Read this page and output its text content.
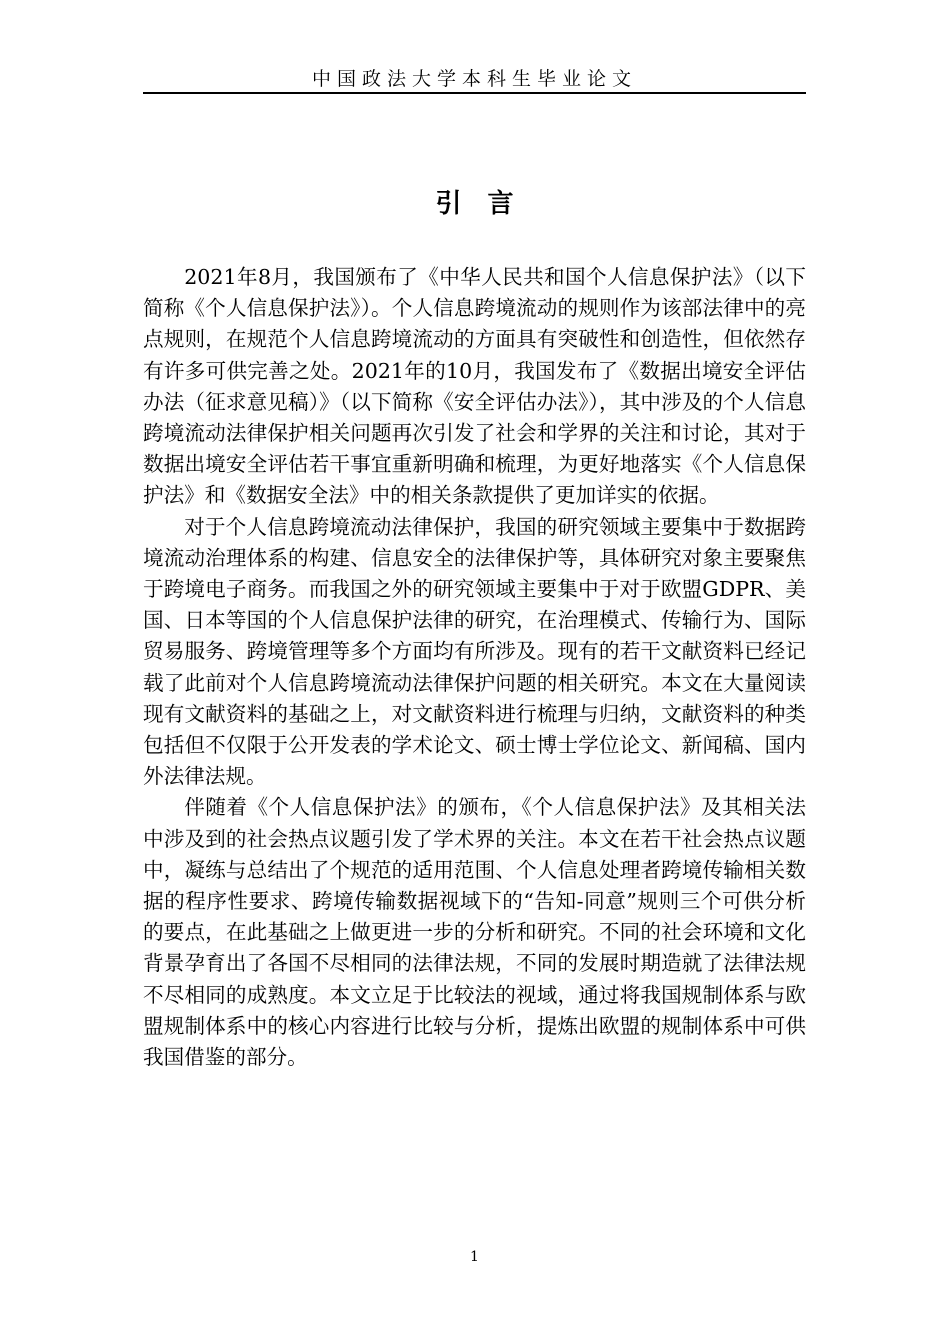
中国政法大学本科生毕业论文
引 言

2021年8月，我国颁布了《中华人民共和国个人信息保护法》（以下简称《个人信息保护法》）。个人信息跨境流动的规则作为该部法律中的亮点规则，在规范个人信息跨境流动的方面具有突破性和创造性，但依然存有许多可供完善之处。2021年的10月，我国发布了《数据出境安全评估办法（征求意见稿）》（以下简称《安全评估办法》），其中涉及的个人信息跨境流动法律保护相关问题再次引发了社会和学界的关注和讨论，其对于数据出境安全评估若干事宜重新明确和梳理，为更好地落实《个人信息保护法》和《数据安全法》中的相关条款提供了更加详实的依据。

对于个人信息跨境流动法律保护，我国的研究领域主要集中于数据跨境流动治理体系的构建、信息安全的法律保护等，具体研究对象主要聚焦于跨境电子商务。而我国之外的研究领域主要集中于对于欧盟GDPR、美国、日本等国的个人信息保护法律的研究，在治理模式、传输行为、国际贸易服务、跨境管理等多个方面均有所涉及。现有的若干文献资料已经记载了此前对个人信息跨境流动法律保护问题的相关研究。本文在大量阅读现有文献资料的基础之上，对文献资料进行梳理与归纳，文献资料的种类包括但不仅限于公开发表的学术论文、硕士博士学位论文、新闻稿、国内外法律法规。

伴随着《个人信息保护法》的颁布，《个人信息保护法》及其相关法中涉及到的社会热点议题引发了学术界的关注。本文在若干社会热点议题中，凝练与总结出了个规范的适用范围、个人信息处理者跨境传输相关数据的程序性要求、跨境传输数据视域下的“告知-同意”规则三个可供分析的要点，在此基础之上做更进一步的分析和研究。不同的社会环境和文化背景孕育出了各国不尽相同的法律法规，不同的发展时期造就了法律法规不尽相同的成熟度。本文立足于比较法的视域，通过将我国规制体系与欧盟规制体系中的核心内容进行比较与分析，提炼出欧盟的规制体系中可供我国借鉴的部分。

1
